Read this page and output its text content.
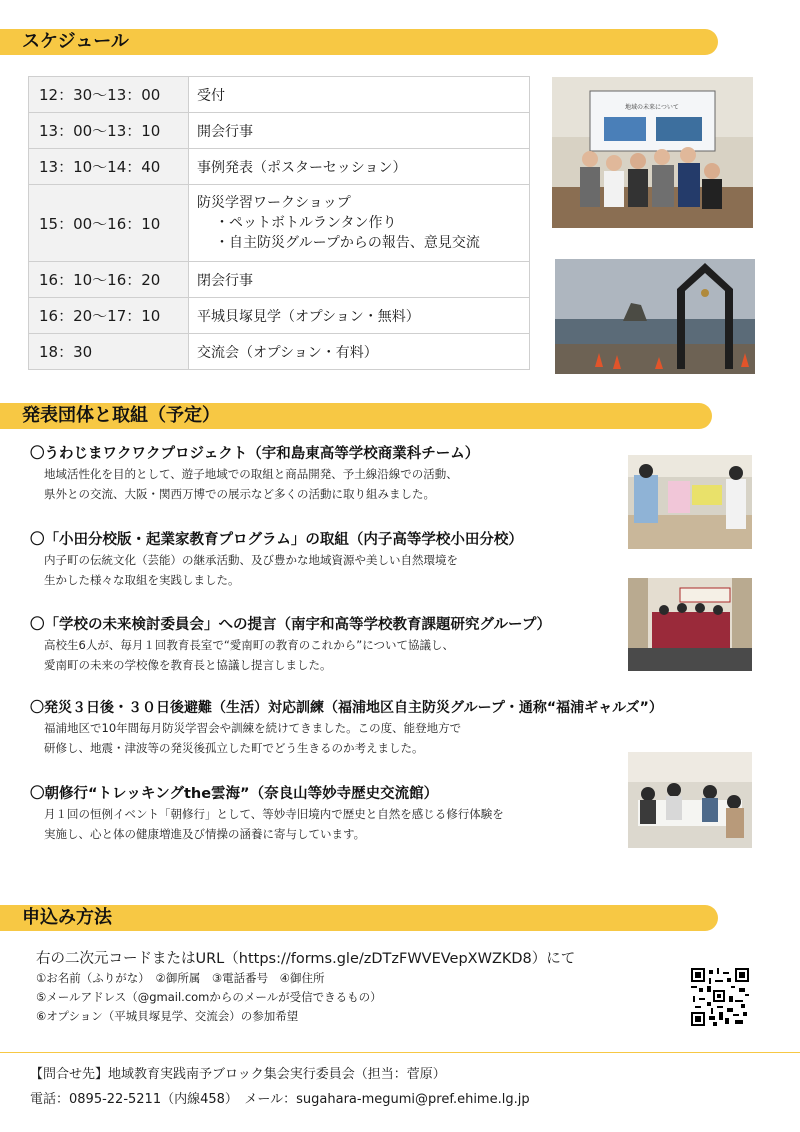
スケジュール
発表団体と取組（予定）
申込み方法
12：30〜13：00	受付
13：00〜13：10	開会行事
13：10〜14：40	事例発表（ポスターセッション）
15：00〜16：10	防災学習ワークショップ
・ペットボトルランタン作り
・自主防災グループからの報告、意見交流

16：10〜16：20	閉会行事
16：20〜17：10	平城貝塚見学（オプション・無料）
18：30	交流会（オプション・有料）
地域の未来について
〇うわじまワクワクプロジェクト（宇和島東高等学校商業科チーム）
地域活性化を目的として、遊子地域での取組と商品開発、予土線沿線での活動、
県外との交流、大阪・関西万博での展示など多くの活動に取り組みました。
〇「小田分校版・起業家教育プログラム」の取組（内子高等学校小田分校）
内子町の伝統文化（芸能）の継承活動、及び豊かな地域資源や美しい自然環境を
生かした様々な取組を実践しました。
〇「学校の未来検討委員会」への提言（南宇和高等学校教育課題研究グループ）
高校生6人が、毎月１回教育長室で“愛南町の教育のこれから”について協議し、
愛南町の未来の学校像を教育長と協議し提言しました。
〇発災３日後・３０日後避難（生活）対応訓練（福浦地区自主防災グループ・通称“福浦ギャルズ”）
福浦地区で10年間毎月防災学習会や訓練を続けてきました。この度、能登地方で
研修し、地震・津波等の発災後孤立した町でどう生きるのか考えました。
〇朝修行“トレッキングthe雲海”（奈良山等妙寺歴史交流館）
月１回の恒例イベント「朝修行」として、等妙寺旧境内で歴史と自然を感じる修行体験を
実施し、心と体の健康増進及び情操の涵養に寄与しています。
右の二次元コードまたはURL（https://forms.gle/zDTzFWVEVepXWZKD8）にて
①お名前（ふりがな）　②御所属　③電話番号　④御住所
⑤メールアドレス（@gmail.comからのメールが受信できるもの）
⑥オプション（平城貝塚見学、交流会）の参加希望
【問合せ先】地域教育実践南予ブロック集会実行委員会（担当：菅原）
電話：0895-22-5211（内線458）　メール：sugahara-megumi@pref.ehime.lg.jp
